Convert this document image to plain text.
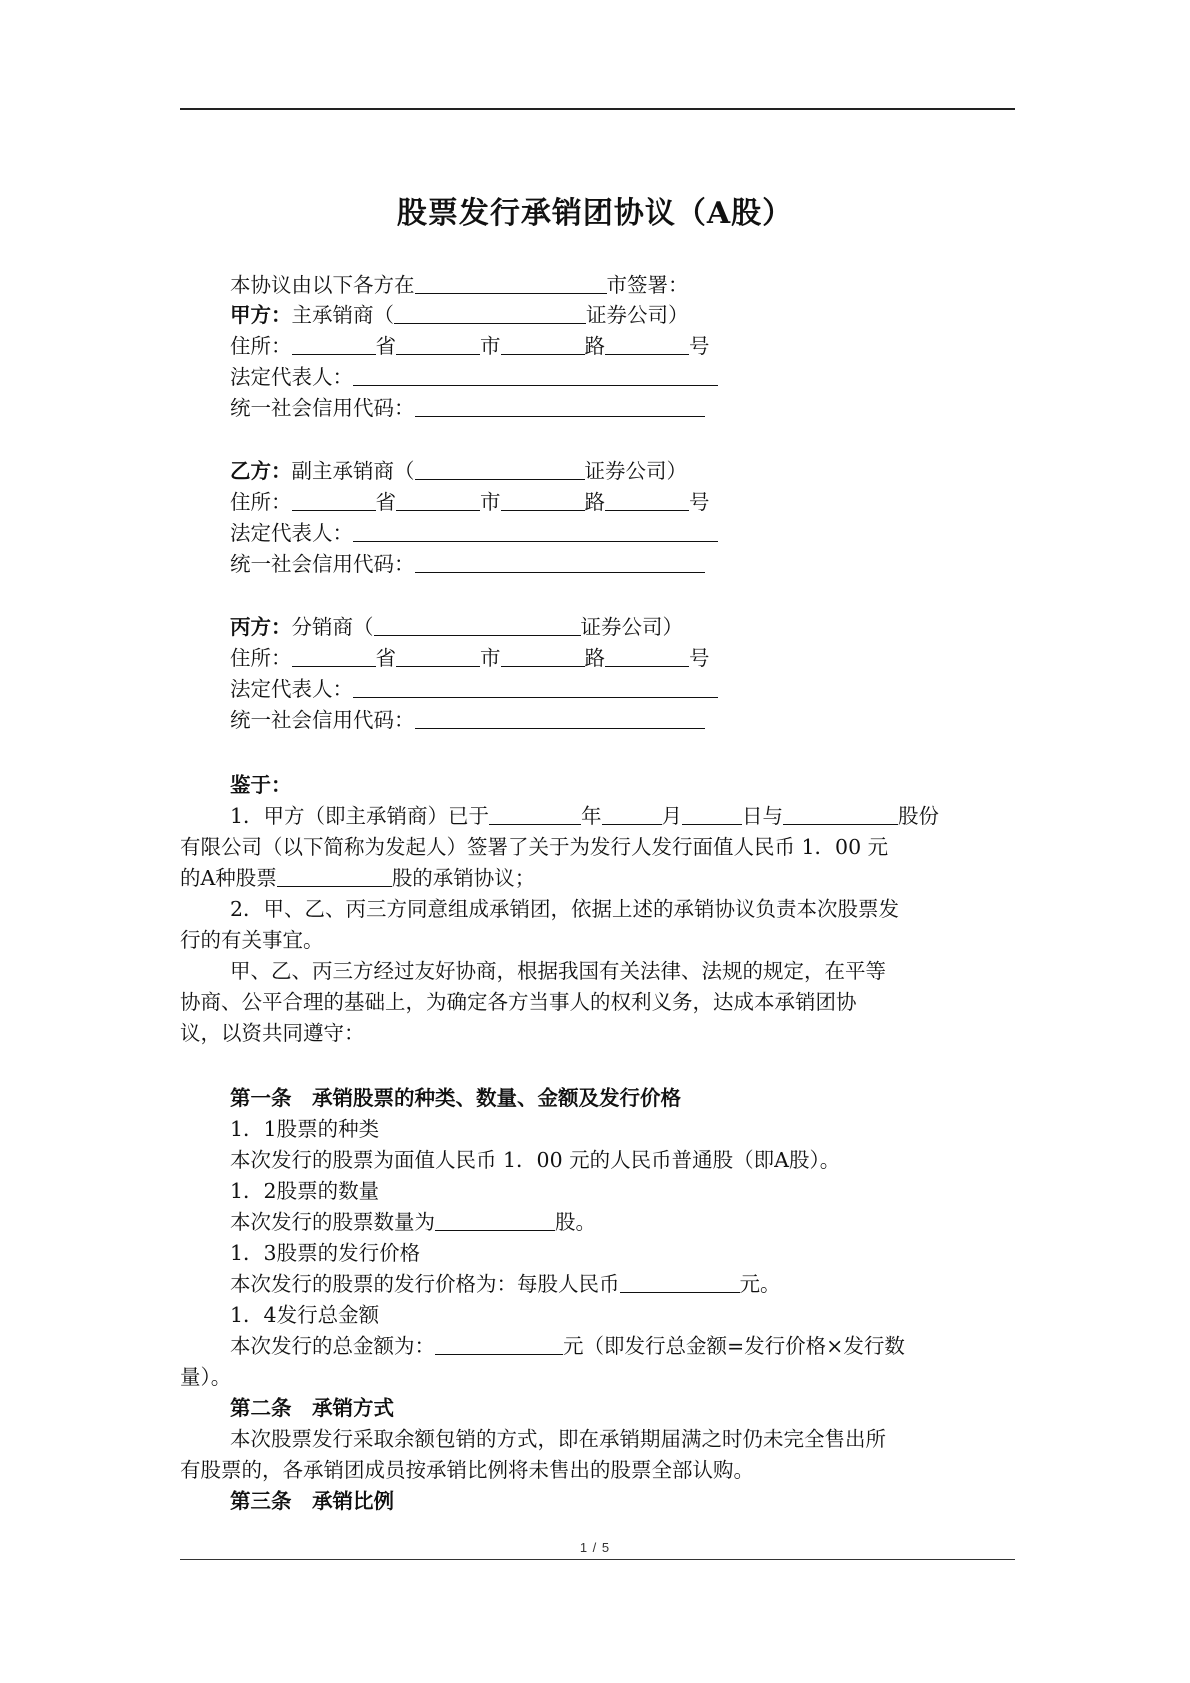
股票发行承销团协议（A股）
本协议由以下各方在	市签署：
甲方：主承销商（	证券公司）
住所：	省	市	路	号
法定代表人：
统一社会信用代码：
乙方：副主承销商（	证券公司）
住所：	省	市	路	号
法定代表人：
统一社会信用代码：
丙方：分销商（	证券公司）
住所：	省	市	路	号
法定代表人：
统一社会信用代码：
鉴于：
1．甲方（即主承销商）已于	年	月	日与	股份
有限公司（以下简称为发起人）签署了关于为发行人发行面值人民币 1．00 元
的A种股票	股的承销协议；
2．甲、乙、丙三方同意组成承销团，依据上述的承销协议负责本次股票发
行的有关事宜。
甲、乙、丙三方经过友好协商，根据我国有关法律、法规的规定，在平等
协商、公平合理的基础上，为确定各方当事人的权利义务，达成本承销团协
议，以资共同遵守：
第一条　承销股票的种类、数量、金额及发行价格
1．1股票的种类
本次发行的股票为面值人民币 1．00 元的人民币普通股（即A股）。
1．2股票的数量
本次发行的股票数量为	股。
1．3股票的发行价格
本次发行的股票的发行价格为：每股人民币	元。
1．4发行总金额
本次发行的总金额为：	元（即发行总金额=发行价格×发行数
量）。
第二条　承销方式
本次股票发行采取余额包销的方式，即在承销期届满之时仍未完全售出所
有股票的，各承销团成员按承销比例将未售出的股票全部认购。
第三条　承销比例
1 / 5
